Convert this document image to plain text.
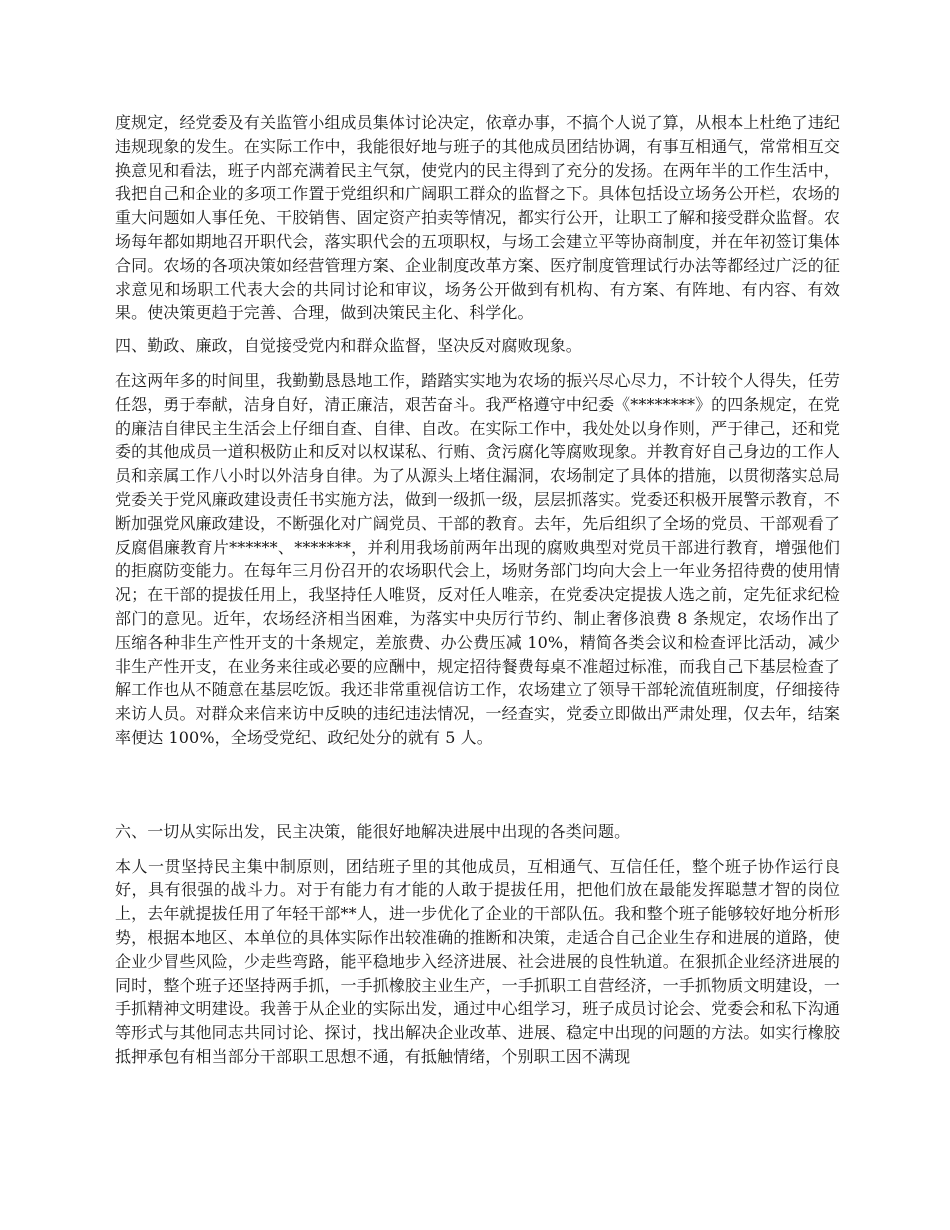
度规定，经党委及有关监管小组成员集体讨论决定，依章办事，不搞个人说了算，从根本上杜绝了违纪违规现象的发生。在实际工作中，我能很好地与班子的其他成员团结协调，有事互相通气，常常相互交换意见和看法，班子内部充满着民主气氛，使党内的民主得到了充分的发扬。在两年半的工作生活中，我把自己和企业的多项工作置于党组织和广阔职工群众的监督之下。具体包括设立场务公开栏，农场的重大问题如人事任免、干胶销售、固定资产拍卖等情况，都实行公开，让职工了解和接受群众监督。农场每年都如期地召开职代会，落实职代会的五项职权，与场工会建立平等协商制度，并在年初签订集体合同。农场的各项决策如经营管理方案、企业制度改革方案、医疗制度管理试行办法等都经过广泛的征求意见和场职工代表大会的共同讨论和审议，场务公开做到有机构、有方案、有阵地、有内容、有效果。使决策更趋于完善、合理，做到决策民主化、科学化。

四、勤政、廉政，自觉接受党内和群众监督，坚决反对腐败现象。

在这两年多的时间里，我勤勤恳恳地工作，踏踏实实地为农场的振兴尽心尽力，不计较个人得失，任劳任怨，勇于奉献，洁身自好，清正廉洁，艰苦奋斗。我严格遵守中纪委《********》的四条规定，在党的廉洁自律民主生活会上仔细自查、自律、自改。在实际工作中，我处处以身作则，严于律己，还和党委的其他成员一道积极防止和反对以权谋私、行贿、贪污腐化等腐败现象。并教育好自己身边的工作人员和亲属工作八小时以外洁身自律。为了从源头上堵住漏洞，农场制定了具体的措施，以贯彻落实总局党委关于党风廉政建设责任书实施方法，做到一级抓一级，层层抓落实。党委还积极开展警示教育，不断加强党风廉政建设，不断强化对广阔党员、干部的教育。去年，先后组织了全场的党员、干部观看了反腐倡廉教育片******、*******，并利用我场前两年出现的腐败典型对党员干部进行教育，增强他们的拒腐防变能力。在每年三月份召开的农场职代会上，场财务部门均向大会上一年业务招待费的使用情况；在干部的提拔任用上，我坚持任人唯贤，反对任人唯亲，在党委决定提拔人选之前，定先征求纪检部门的意见。近年，农场经济相当困难，为落实中央厉行节约、制止奢侈浪费 8 条规定，农场作出了压缩各种非生产性开支的十条规定，差旅费、办公费压减 10%，精简各类会议和检查评比活动，减少非生产性开支，在业务来往或必要的应酬中，规定招待餐费每桌不准超过标准，而我自己下基层检查了解工作也从不随意在基层吃饭。我还非常重视信访工作，农场建立了领导干部轮流值班制度，仔细接待来访人员。对群众来信来访中反映的违纪违法情况，一经查实，党委立即做出严肃处理，仅去年，结案率便达 100%，全场受党纪、政纪处分的就有 5 人。

六、一切从实际出发，民主决策，能很好地解决进展中出现的各类问题。

本人一贯坚持民主集中制原则，团结班子里的其他成员，互相通气、互信任任，整个班子协作运行良好，具有很强的战斗力。对于有能力有才能的人敢于提拔任用，把他们放在最能发挥聪慧才智的岗位上，去年就提拔任用了年轻干部**人，进一步优化了企业的干部队伍。我和整个班子能够较好地分析形势，根据本地区、本单位的具体实际作出较准确的推断和决策，走适合自己企业生存和进展的道路，使企业少冒些风险，少走些弯路，能平稳地步入经济进展、社会进展的良性轨道。在狠抓企业经济进展的同时，整个班子还坚持两手抓，一手抓橡胶主业生产，一手抓职工自营经济，一手抓物质文明建设，一手抓精神文明建设。我善于从企业的实际出发，通过中心组学习，班子成员讨论会、党委会和私下沟通等形式与其他同志共同讨论、探讨，找出解决企业改革、进展、稳定中出现的问题的方法。如实行橡胶抵押承包有相当部分干部职工思想不通，有抵触情绪，个别职工因不满现
